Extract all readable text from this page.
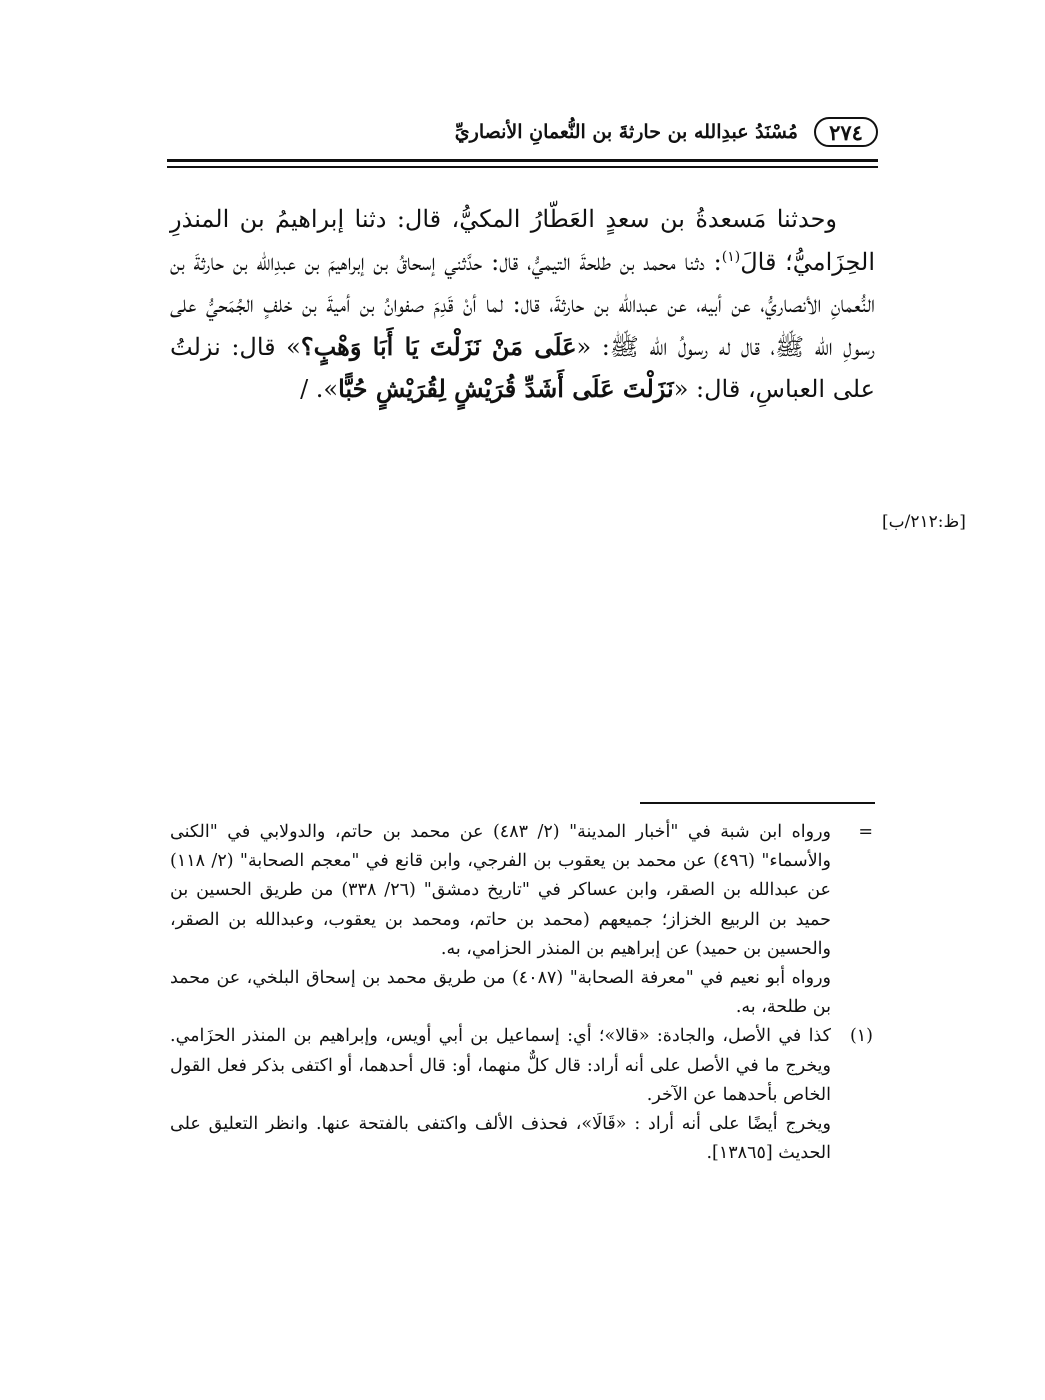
٢٧٤
مُسْنَدُ عبدِالله بن حارثةَ بن النُّعمانِ الأنصاريِّ

وحدثنا مَسعدةُ بن سعدٍ العَطّارُ المكيُّ، قال: دثنا إبراهيمُ بن المنذرِ الحِزَاميُّ؛ قالَ$^{(١)}$: دثنا محمد بن طلحةَ التيميُّ، قال: حدَّثني إسحاقُ بن إبراهيمَ بن عبدِالله بن حارثةَ بن النُّعمانِ الأنصاريُّ، عن أبيه، عن عبدالله بن حارثةَ، قال: لما أنْ قَدِمَ صفوانُ بن أميةَ بن خلفٍ الجُمَحيُّ على رسولِ الله ﷺ، قال له رسولُ الله ﷺ: «عَلَى مَنْ نَزَلْتَ يَا أَبَا وَهْبٍ؟» قال: نزلتُ على العباسِ، قال: «نَزَلْتَ عَلَى أَشَدِّ قُرَيْشٍ لِقُرَيْشٍ حُبًّا». /

[ظ:٢١٢/ب]
=

ورواه ابن شبة في "أخبار المدينة" (٢/ ٤٨٣) عن محمد بن حاتم، والدولابي في "الكنى والأسماء" (٤٩٦) عن محمد بن يعقوب بن الفرجي، وابن قانع في "معجم الصحابة" (٢/ ١١٨) عن عبدالله بن الصقر، وابن عساكر في "تاريخ دمشق" (٢٦/ ٣٣٨) من طريق الحسين بن حميد بن الربيع الخزاز؛ جميعهم (محمد بن حاتم، ومحمد بن يعقوب، وعبدالله بن الصقر، والحسين بن حميد) عن إبراهيم بن المنذر الحزامي، به.

ورواه أبو نعيم في "معرفة الصحابة" (٤٠٨٧) من طريق محمد بن إسحاق البلخي، عن محمد بن طلحة، به.

(١)

كذا في الأصل، والجادة: «قالا»؛ أي: إسماعيل بن أبي أويس، وإبراهيم بن المنذر الحزَامي. ويخرج ما في الأصل على أنه أراد: قال كلٌّ منهما، أو: قال أحدهما، أو اكتفى بذكر فعل القول الخاص بأحدهما عن الآخر.

ويخرج أيضًا على أنه أراد : «قَالَا»، فحذف الألف واكتفى بالفتحة عنها. وانظر التعليق على الحديث [١٣٨٦٥].
